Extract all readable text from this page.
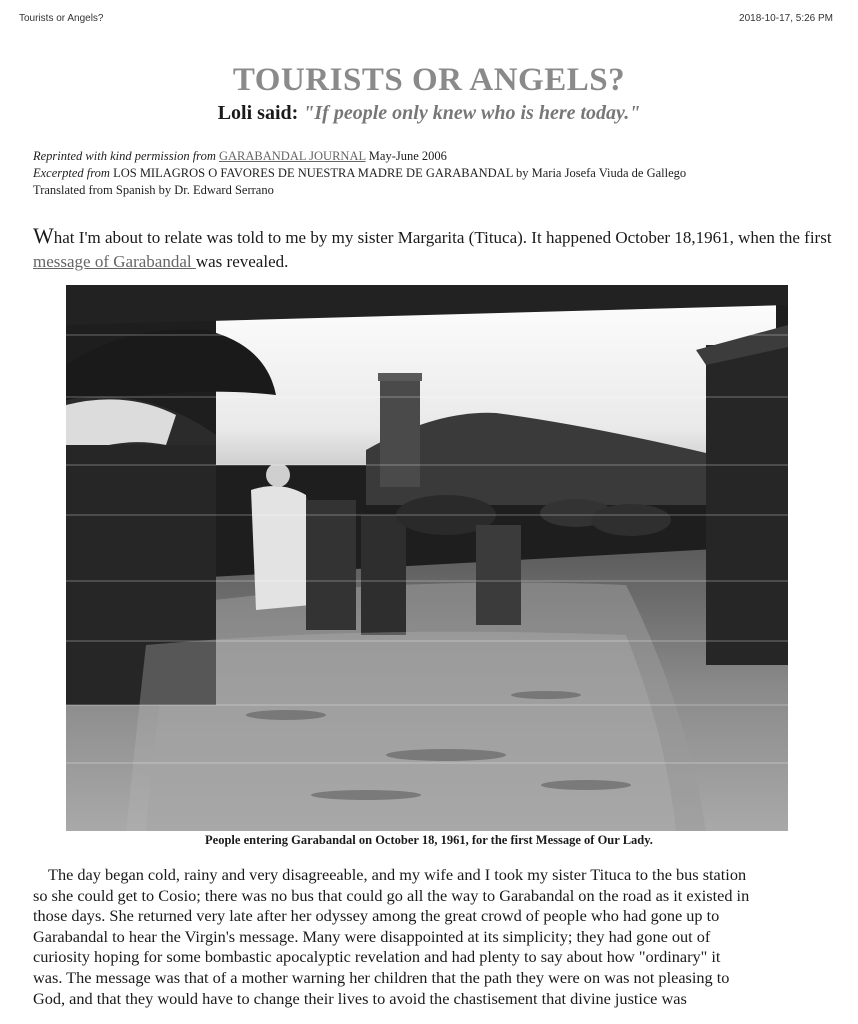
Tourists or Angels?	2018-10-17, 5:26 PM
TOURISTS OR ANGELS?
Loli said: "If people only knew who is here today."
Reprinted with kind permission from GARABANDAL JOURNAL May-June 2006
Excerpted from LOS MILAGROS O FAVORES DE NUESTRA MADRE DE GARABANDAL by Maria Josefa Viuda de Gallego
Translated from Spanish by Dr. Edward Serrano
What I'm about to relate was told to me by my sister Margarita (Tituca). It happened October 18,1961, when the first message of Garabandal was revealed.
People entering Garabandal on October 18, 1961, for the first Message of Our Lady.
The day began cold, rainy and very disagreeable, and my wife and I took my sister Tituca to the bus station
so she could get to Cosio; there was no bus that could go all the way to Garabandal on the road as it existed in
those days. She returned very late after her odyssey among the great crowd of people who had gone up to
Garabandal to hear the Virgin's message. Many were disappointed at its simplicity; they had gone out of
curiosity hoping for some bombastic apocalyptic revelation and had plenty to say about how "ordinary" it
was. The message was that of a mother warning her children that the path they were on was not pleasing to
God, and that they would have to change their lives to avoid the chastisement that divine justice was
